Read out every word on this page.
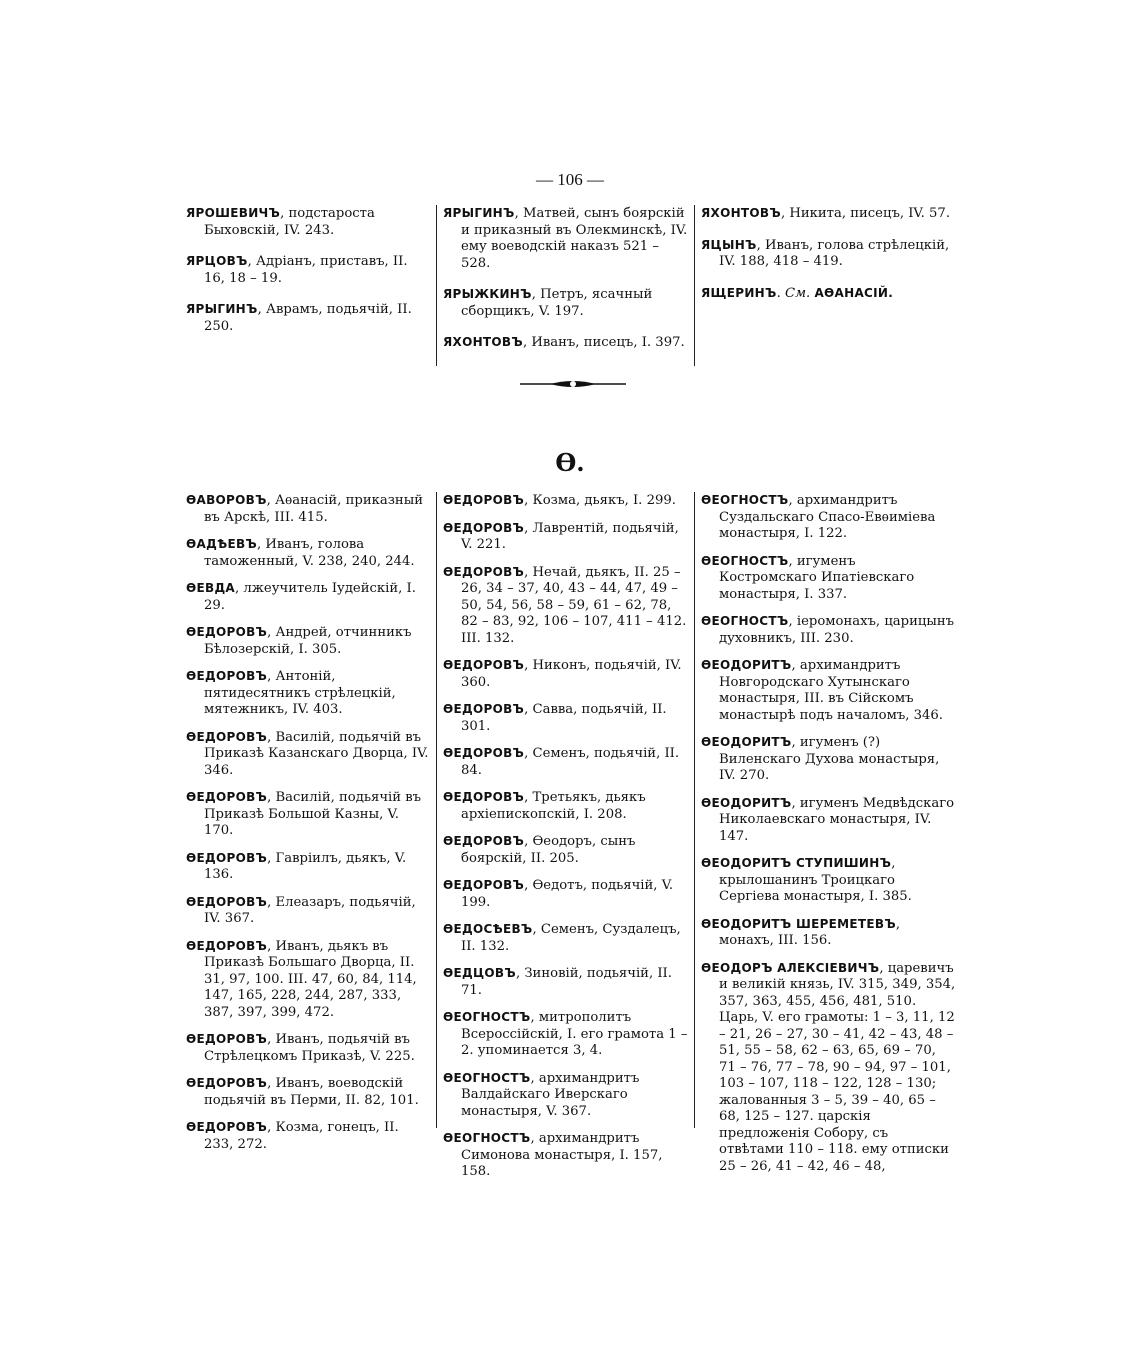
— 106 —

ЯРОШЕВИЧЪ, подстароста Быховскій, IV. 243.

ЯРЦОВЪ, Адріанъ, приставъ, II. 16, 18 – 19.

ЯРЫГИНЪ, Аврамъ, подьячій, II. 250.

ЯРЫГИНЪ, Матвей, сынъ боярскій и приказный въ Олекминскѣ, IV. ему воеводскій наказъ 521 – 528.

ЯРЫЖКИНЪ, Петръ, ясачный сборщикъ, V. 197.

ЯХОНТОВЪ, Иванъ, писецъ, I. 397.

ЯХОНТОВЪ, Никита, писецъ, IV. 57.

ЯЦЫНЪ, Иванъ, голова стрѣлецкій, IV. 188, 418 – 419.

ЯЩЕРИНЪ. См. АѲАНАСІЙ.

Ѳ.

ѲАВОРОВЪ, Аѳанасій, приказный въ Арскѣ, III. 415.

ѲАДѢЕВЪ, Иванъ, голова таможенный, V. 238, 240, 244.

ѲЕВДА, лжеучитель Іудейскій, I. 29.

ѲЕДОРОВЪ, Андрей, отчинникъ Бѣлозерскій, I. 305.

ѲЕДОРОВЪ, Антоній, пятидесятникъ стрѣлецкій, мятежникъ, IV. 403.

ѲЕДОРОВЪ, Василій, подьячій въ Приказѣ Казанскаго Дворца, IV. 346.

ѲЕДОРОВЪ, Василій, подьячій въ Приказѣ Большой Казны, V. 170.

ѲЕДОРОВЪ, Гавріилъ, дьякъ, V. 136.

ѲЕДОРОВЪ, Елеазаръ, подьячій, IV. 367.

ѲЕДОРОВЪ, Иванъ, дьякъ въ Приказѣ Большаго Дворца, II. 31, 97, 100. III. 47, 60, 84, 114, 147, 165, 228, 244, 287, 333, 387, 397, 399, 472.

ѲЕДОРОВЪ, Иванъ, подьячій въ Стрѣлецкомъ Приказѣ, V. 225.

ѲЕДОРОВЪ, Иванъ, воеводскій подьячій въ Перми, II. 82, 101.

ѲЕДОРОВЪ, Козма, гонецъ, II. 233, 272.

ѲЕДОРОВЪ, Козма, дьякъ, I. 299.

ѲЕДОРОВЪ, Лаврентій, подьячій, V. 221.

ѲЕДОРОВЪ, Нечай, дьякъ, II. 25 – 26, 34 – 37, 40, 43 – 44, 47, 49 – 50, 54, 56, 58 – 59, 61 – 62, 78, 82 – 83, 92, 106 – 107, 411 – 412. III. 132.

ѲЕДОРОВЪ, Никонъ, подьячій, IV. 360.

ѲЕДОРОВЪ, Савва, подьячій, II. 301.

ѲЕДОРОВЪ, Семенъ, подьячій, II. 84.

ѲЕДОРОВЪ, Третьякъ, дьякъ архіепископскій, I. 208.

ѲЕДОРОВЪ, Ѳеодоръ, сынъ боярскій, II. 205.

ѲЕДОРОВЪ, Ѳедотъ, подьячій, V. 199.

ѲЕДОСѢЕВЪ, Семенъ, Суздалецъ, II. 132.

ѲЕДЦОВЪ, Зиновій, подьячій, II. 71.

ѲЕОГНОСТЪ, митрополитъ Всероссійскій, I. его грамота 1 – 2. упоминается 3, 4.

ѲЕОГНОСТЪ, архимандритъ Валдайскаго Иверскаго монастыря, V. 367.

ѲЕОГНОСТЪ, архимандритъ Симонова монастыря, I. 157, 158.

ѲЕОГНОСТЪ, архимандритъ Суздальскаго Спасо-Евѳиміева монастыря, I. 122.

ѲЕОГНОСТЪ, игуменъ Костромскаго Ипатіевскаго монастыря, I. 337.

ѲЕОГНОСТЪ, іеромонахъ, царицынъ духовникъ, III. 230.

ѲЕОДОРИТЪ, архимандритъ Новгородскаго Хутынскаго монастыря, III. въ Сійскомъ монастырѣ подъ началомъ, 346.

ѲЕОДОРИТЪ, игуменъ (?) Виленскаго Духова монастыря, IV. 270.

ѲЕОДОРИТЪ, игуменъ Медвѣдскаго Николаевскаго монастыря, IV. 147.

ѲЕОДОРИТЪ СТУПИШИНЪ, крылошанинъ Троицкаго Сергіева монастыря, I. 385.

ѲЕОДОРИТЪ ШЕРЕМЕТЕВЪ, монахъ, III. 156.

ѲЕОДОРЪ АЛЕКСІЕВИЧЪ, царевичъ и великій князь, IV. 315, 349, 354, 357, 363, 455, 456, 481, 510. Царь, V. его грамоты: 1 – 3, 11, 12 – 21, 26 – 27, 30 – 41, 42 – 43, 48 – 51, 55 – 58, 62 – 63, 65, 69 – 70, 71 – 76, 77 – 78, 90 – 94, 97 – 101, 103 – 107, 118 – 122, 128 – 130; жалованныя 3 – 5, 39 – 40, 65 – 68, 125 – 127. царскія предложенія Собору, съ отвѣтами 110 – 118. ему отписки 25 – 26, 41 – 42, 46 – 48,
